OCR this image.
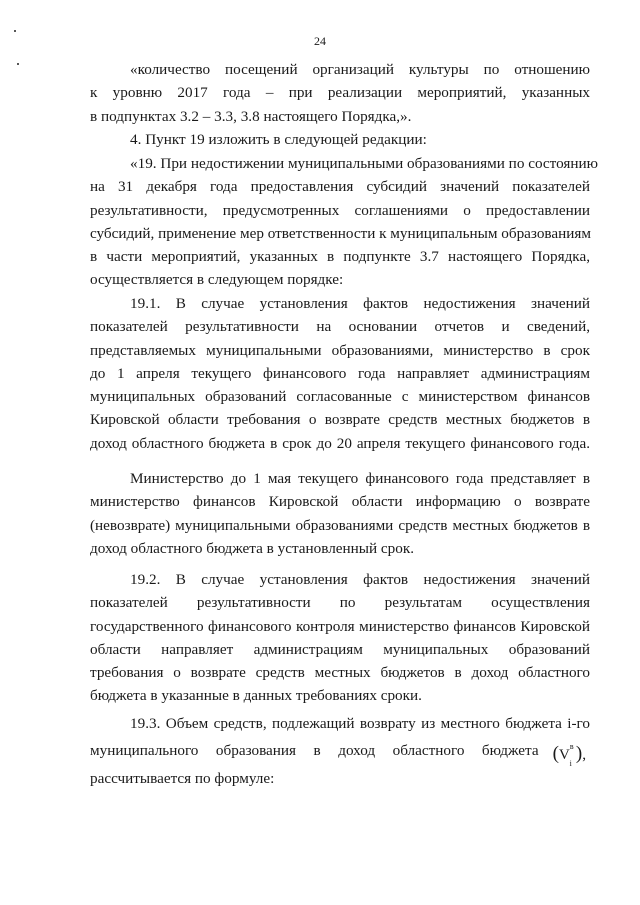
24
«количество посещений организаций культуры по отношению
к уровню 2017 года – при реализации мероприятий, указанных
в подпунктах 3.2 – 3.3, 3.8 настоящего Порядка,».
4. Пункт 19 изложить в следующей редакции:
«19. При недостижении муниципальными образованиями по состоянию
на 31 декабря года предоставления субсидий значений показателей
результативности, предусмотренных соглашениями о предоставлении
субсидий, применение мер ответственности к муниципальным образованиям
в части мероприятий, указанных в подпункте 3.7 настоящего Порядка,
осуществляется в следующем порядке:
19.1. В случае установления фактов недостижения значений
показателей результативности на основании отчетов и сведений,
представляемых муниципальными образованиями, министерство в срок
до 1 апреля текущего финансового года направляет администрациям
муниципальных образований согласованные с министерством финансов
Кировской области требования о возврате средств местных бюджетов в
доход областного бюджета в срок до 20 апреля текущего финансового года.
Министерство до 1 мая текущего финансового года представляет в
министерство финансов Кировской области информацию о возврате
(невозврате) муниципальными образованиями средств местных бюджетов в
доход областного бюджета в установленный срок.
19.2. В случае установления фактов недостижения значений
показателей результативности по результатам осуществления
государственного финансового контроля министерство финансов Кировской
области направляет администрациям муниципальных образований
требования о возврате средств местных бюджетов в доход областного
бюджета в указанные в данных требованиях сроки.
19.3. Объем средств, подлежащий возврату из местного бюджета i-го
муниципального образования в доход областного бюджета ($V^в_i$ ),
рассчитывается по формуле:
